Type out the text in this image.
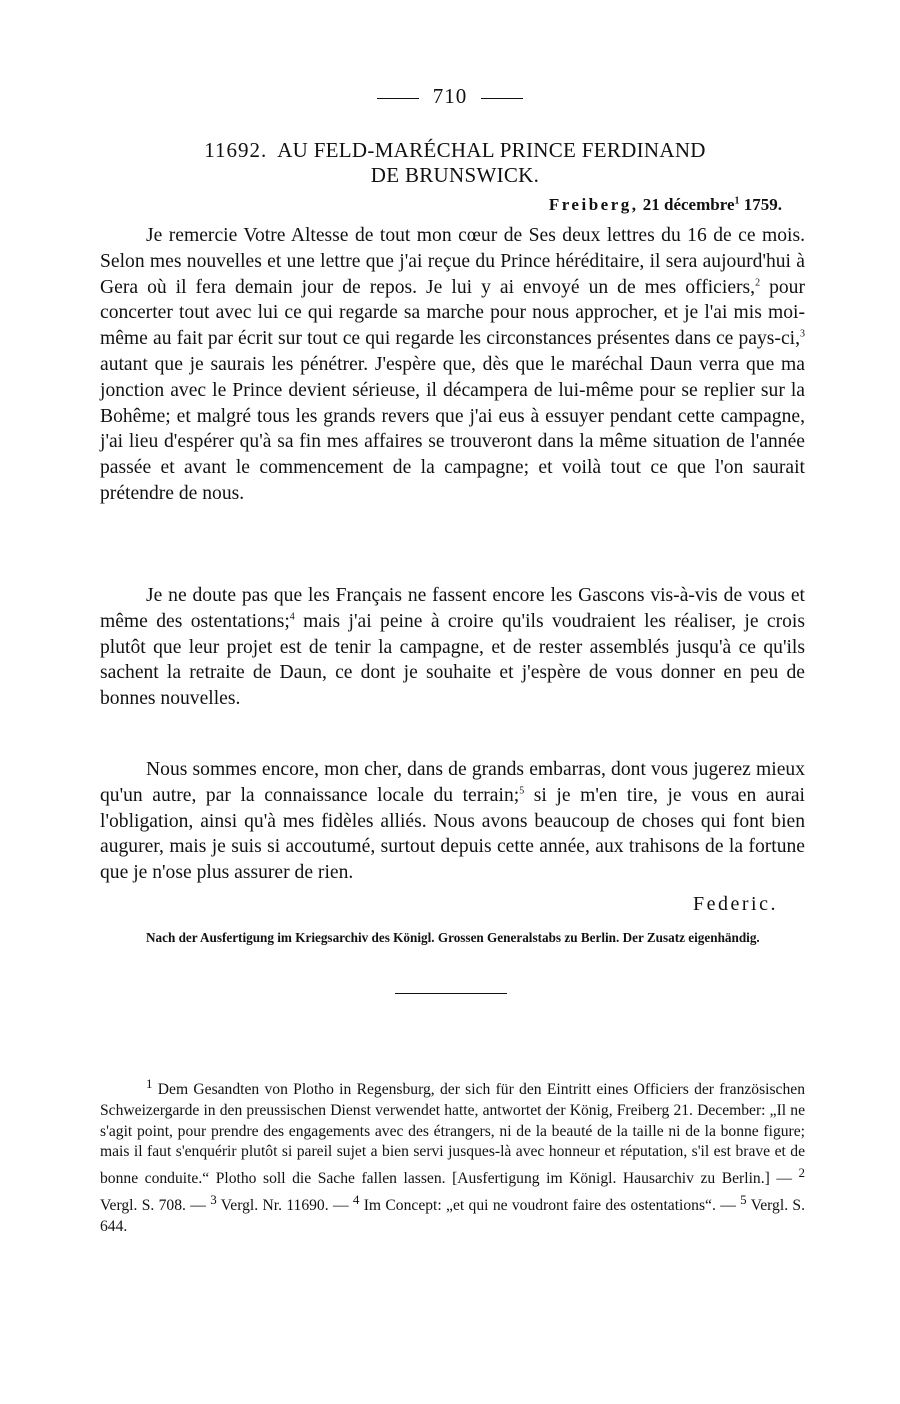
710
11692. AU FELD-MARÉCHAL PRINCE FERDINAND
DE BRUNSWICK.
Freiberg, 21 décembre$^1$ 1759.

Je remercie Votre Altesse de tout mon cœur de Ses deux lettres du 16 de ce mois. Selon mes nouvelles et une lettre que j'ai reçue du Prince héréditaire, il sera aujourd'hui à Gera où il fera demain jour de repos. Je lui y ai envoyé un de mes officiers,$^2$ pour concerter tout avec lui ce qui regarde sa marche pour nous approcher, et je l'ai mis moi-même au fait par écrit sur tout ce qui regarde les circonstances présentes dans ce pays-ci,$^3$ autant que je saurais les pénétrer. J'espère que, dès que le maréchal Daun verra que ma jonction avec le Prince devient sérieuse, il décampera de lui-même pour se replier sur la Bohême; et malgré tous les grands revers que j'ai eus à essuyer pendant cette campagne, j'ai lieu d'espérer qu'à sa fin mes affaires se trouveront dans la même situation de l'année passée et avant le commencement de la campagne; et voilà tout ce que l'on saurait prétendre de nous.

Je ne doute pas que les Français ne fassent encore les Gascons vis-à-vis de vous et même des ostentations;$^4$ mais j'ai peine à croire qu'ils voudraient les réaliser, je crois plutôt que leur projet est de tenir la campagne, et de rester assemblés jusqu'à ce qu'ils sachent la retraite de Daun, ce dont je souhaite et j'espère de vous donner en peu de bonnes nouvelles.

Nous sommes encore, mon cher, dans de grands embarras, dont vous jugerez mieux qu'un autre, par la connaissance locale du terrain;$^5$ si je m'en tire, je vous en aurai l'obligation, ainsi qu'à mes fidèles alliés. Nous avons beaucoup de choses qui font bien augurer, mais je suis si accoutumé, surtout depuis cette année, aux trahisons de la fortune que je n'ose plus assurer de rien.

Federic.
Nach der Ausfertigung im Kriegsarchiv des Königl. Grossen Generalstabs zu Berlin. Der Zusatz eigenhändig.
$^1$ Dem Gesandten von Plotho in Regensburg, der sich für den Eintritt eines Officiers der französischen Schweizergarde in den preussischen Dienst verwendet hatte, antwortet der König, Freiberg 21. December: „Il ne s'agit point, pour prendre des engagements avec des étrangers, ni de la beauté de la taille ni de la bonne figure; mais il faut s'enquérir plutôt si pareil sujet a bien servi jusques-là avec honneur et réputation, s'il est brave et de bonne conduite.“ Plotho soll die Sache fallen lassen. [Ausfertigung im Königl. Hausarchiv zu Berlin.] — $^2$ Vergl. S. 708. — $^3$ Vergl. Nr. 11690. — $^4$ Im Concept: „et qui ne voudront faire des ostentations“. — $^5$ Vergl. S. 644.
